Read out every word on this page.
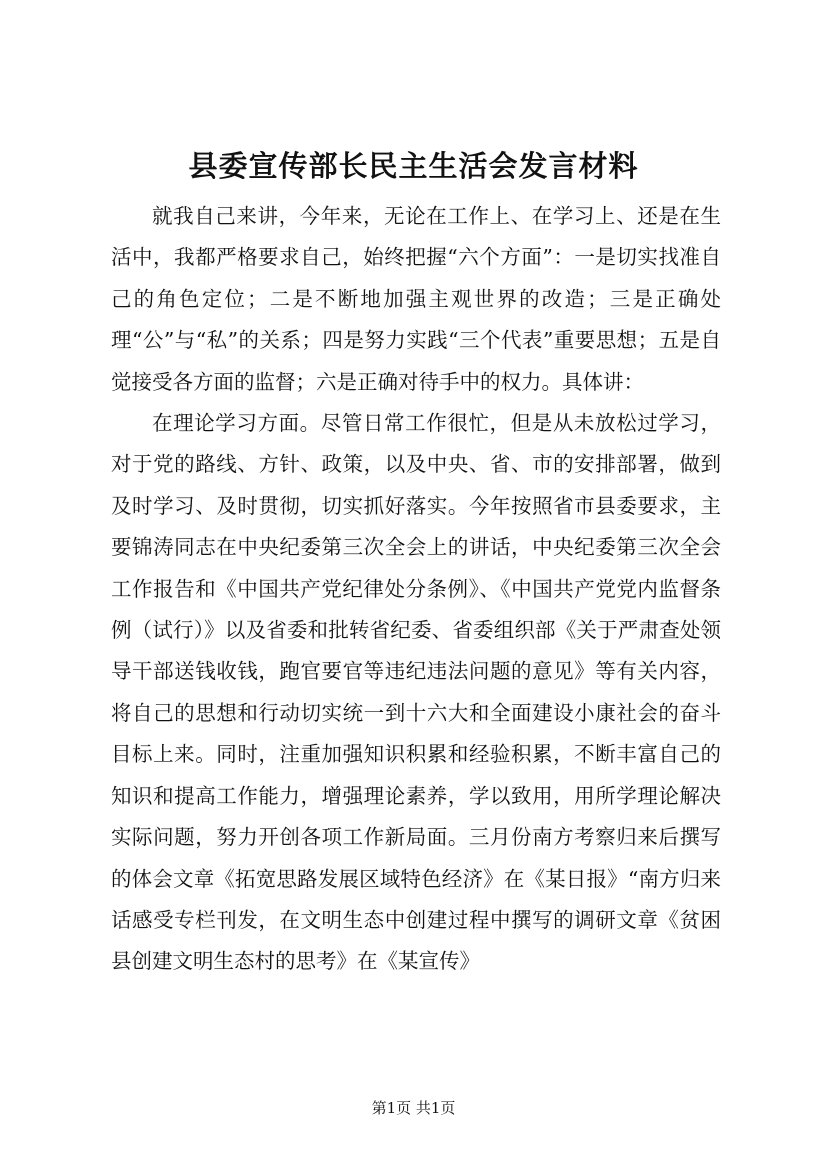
县委宣传部长民主生活会发言材料

就我自己来讲，今年来，无论在工作上、在学习上、还是在生活中，我都严格要求自己，始终把握“六个方面”：一是切实找准自己的角色定位；二是不断地加强主观世界的改造；三是正确处理“公”与“私”的关系；四是努力实践“三个代表”重要思想；五是自觉接受各方面的监督；六是正确对待手中的权力。具体讲：

在理论学习方面。尽管日常工作很忙，但是从未放松过学习，对于党的路线、方针、政策，以及中央、省、市的安排部署，做到及时学习、及时贯彻，切实抓好落实。今年按照省市县委要求，主要锦涛同志在中央纪委第三次全会上的讲话，中央纪委第三次全会工作报告和《中国共产党纪律处分条例》、《中国共产党党内监督条例（试行）》以及省委和批转省纪委、省委组织部《关于严肃查处领导干部送钱收钱，跑官要官等违纪违法问题的意见》等有关内容，将自己的思想和行动切实统一到十六大和全面建设小康社会的奋斗目标上来。同时，注重加强知识积累和经验积累，不断丰富自己的知识和提高工作能力，增强理论素养，学以致用，用所学理论解决实际问题，努力开创各项工作新局面。三月份南方考察归来后撰写的体会文章《拓宽思路发展区域特色经济》在《某日报》“南方归来话感受专栏刊发，在文明生态中创建过程中撰写的调研文章《贫困县创建文明生态村的思考》在《某宣传》

第1页 共1页
